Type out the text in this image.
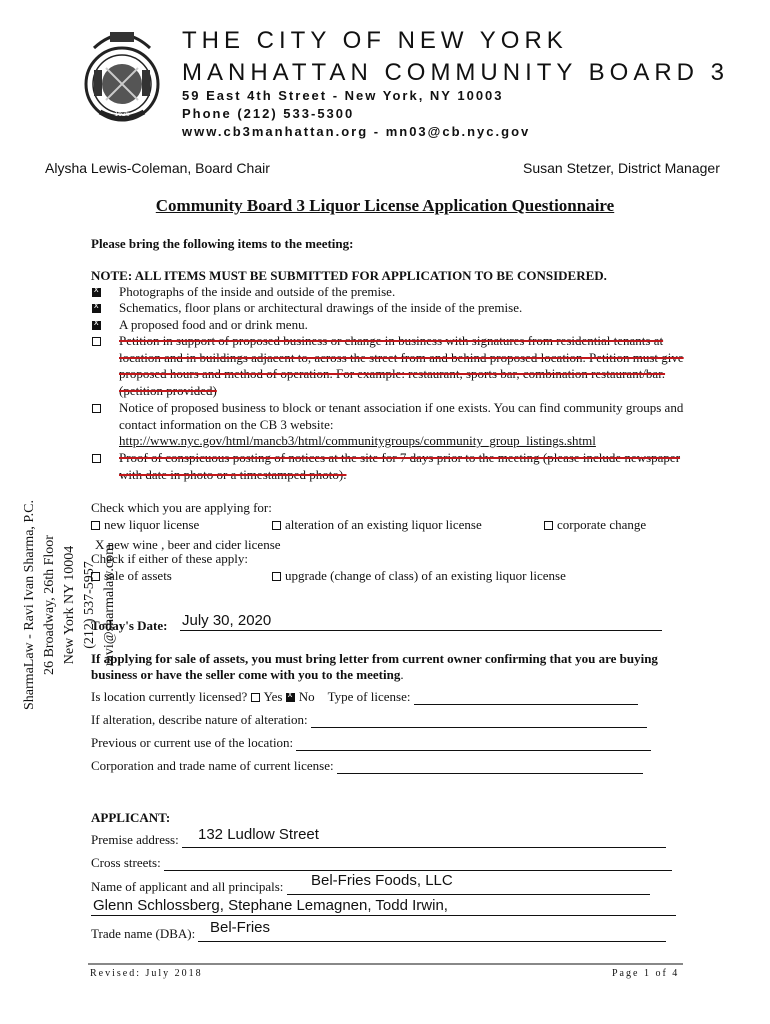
1625
THE CITY OF NEW YORK
MANHATTAN COMMUNITY BOARD 3
59 East 4th Street - New York, NY 10003
Phone (212) 533-5300
www.cb3manhattan.org - mn03@cb.nyc.gov
Alysha Lewis-Coleman, Board Chair	Susan Stetzer, District Manager
Community Board 3 Liquor License Application Questionnaire
Please bring the following items to the meeting:
NOTE: ALL ITEMS MUST BE SUBMITTED FOR APPLICATION TO BE CONSIDERED.
x
Photographs of the inside and outside of the premise.
x
Schematics, floor plans or architectural drawings of the inside of the premise.
x
A proposed food and or drink menu.
Petition in support of proposed business or change in business with signatures from residential tenants at location and in buildings adjacent to, across the street from and behind proposed location. Petition must give proposed hours and method of operation. For example: restaurant, sports bar, combination restaurant/bar. (petition provided)
Notice of proposed business to block or tenant association if one exists. You can find community groups and contact information on the CB 3 website:
http://www.nyc.gov/html/mancb3/html/communitygroups/community_group_listings.shtml
Proof of conspicuous posting of notices at the site for 7 days prior to the meeting (please include newspaper with date in photo or a timestamped photo).
SharmaLaw - Ravi Ivan Sharma, P.C. 26 Broadway, 26th Floor New York NY 10004 (212) 537-5957 ravi@sharmalaw.com
Check which you are applying for:
new liquor license	alteration of an existing liquor license	corporate change
X new wine , beer and cider license
Check if either of these apply:
sale of assets	upgrade (change of class) of an existing liquor license
Today's Date: July 30, 2020
If applying for sale of assets, you must bring letter from current owner confirming that you are buying business or have the seller come with you to the meeting.
Is location currently licensed? Yes x No Type of license:
If alteration, describe nature of alteration:
Previous or current use of the location:
Corporation and trade name of current license:
APPLICANT:
Premise address:	132 Ludlow Street
Cross streets:
Name of applicant and all principals:	Bel-Fries Foods, LLC
Glenn Schlossberg, Stephane Lemagnen, Todd Irwin,
Trade name (DBA): Bel-Fries
Revised: July 2018	Page 1 of 4
